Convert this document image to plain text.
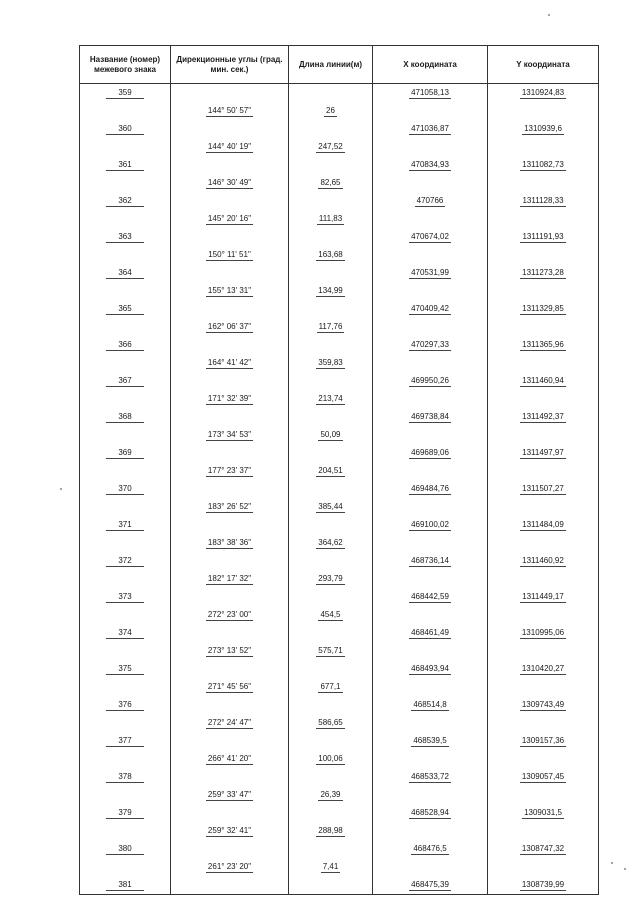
Название (номер) межевого знака	Дирекционные углы (град. мин. сек.)	Длина линии(м)	X координата	Y координата
359			471058,13	1310924,83
	144° 50' 57"	26		
360			471036,87	1310939,6
	144° 40' 19"	247,52		
361			470834,93	1311082,73
	146° 30' 49"	82,65		
362			470766	1311128,33
	145° 20' 16"	111,83		
363			470674,02	1311191,93
	150° 11' 51"	163,68		
364			470531,99	1311273,28
	155° 13' 31"	134,99		
365			470409,42	1311329,85
	162° 06' 37"	117,76		
366			470297,33	1311365,96
	164° 41' 42"	359,83		
367			469950,26	1311460,94
	171° 32' 39"	213,74		
368			469738,84	1311492,37
	173° 34' 53"	50,09		
369			469689,06	1311497,97
	177° 23' 37"	204,51		
370			469484,76	1311507,27
	183° 26' 52"	385,44		
371			469100,02	1311484,09
	183° 38' 36"	364,62		
372			468736,14	1311460,92
	182° 17' 32"	293,79		
373			468442,59	1311449,17
	272° 23' 00"	454,5		
374			468461,49	1310995,06
	273° 13' 52"	575,71		
375			468493,94	1310420,27
	271° 45' 56"	677,1		
376			468514,8	1309743,49
	272° 24' 47"	586,65		
377			468539,5	1309157,36
	266° 41' 20"	100,06		
378			468533,72	1309057,45
	259° 33' 47"	26,39		
379			468528,94	1309031,5
	259° 32' 41"	288,98		
380			468476,5	1308747,32
	261° 23' 20"	7,41		
381			468475,39	1308739,99
